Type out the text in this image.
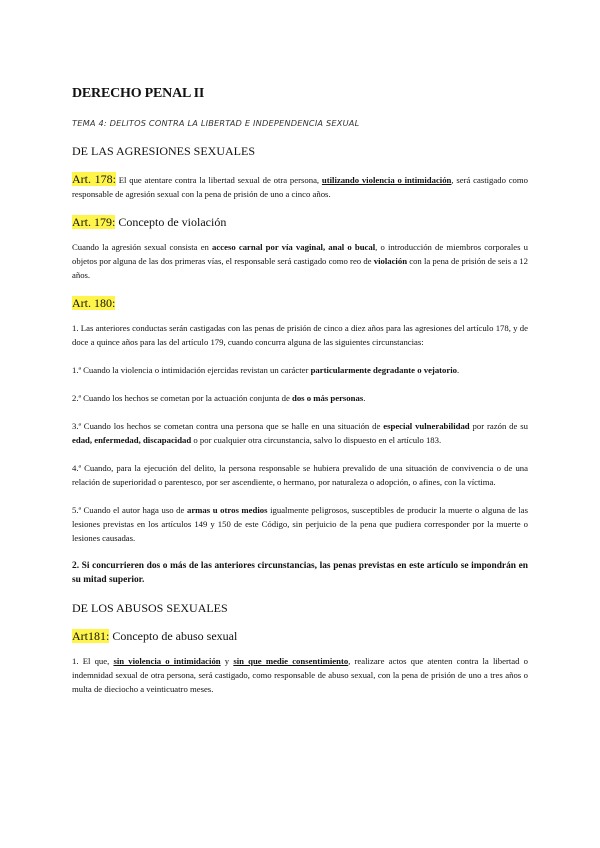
DERECHO PENAL II
TEMA 4: DELITOS CONTRA LA LIBERTAD E INDEPENDENCIA SEXUAL
DE LAS AGRESIONES SEXUALES

Art. 178: El que atentare contra la libertad sexual de otra persona, utilizando violencia o intimidación, será castigado como responsable de agresión sexual con la pena de prisión de uno a cinco años.

Art. 179: Concepto de violación

Cuando la agresión sexual consista en acceso carnal por vía vaginal, anal o bucal, o introducción de miembros corporales u objetos por alguna de las dos primeras vías, el responsable será castigado como reo de violación con la pena de prisión de seis a 12 años.

Art. 180:

1. Las anteriores conductas serán castigadas con las penas de prisión de cinco a diez años para las agresiones del artículo 178, y de doce a quince años para las del artículo 179, cuando concurra alguna de las siguientes circunstancias:

1.ª Cuando la violencia o intimidación ejercidas revistan un carácter particularmente degradante o vejatorio.

2.ª Cuando los hechos se cometan por la actuación conjunta de dos o más personas.

3.ª Cuando los hechos se cometan contra una persona que se halle en una situación de especial vulnerabilidad por razón de su edad, enfermedad, discapacidad o por cualquier otra circunstancia, salvo lo dispuesto en el artículo 183.

4.ª Cuando, para la ejecución del delito, la persona responsable se hubiera prevalido de una situación de convivencia o de una relación de superioridad o parentesco, por ser ascendiente, o hermano, por naturaleza o adopción, o afines, con la víctima.

5.ª Cuando el autor haga uso de armas u otros medios igualmente peligrosos, susceptibles de producir la muerte o alguna de las lesiones previstas en los artículos 149 y 150 de este Código, sin perjuicio de la pena que pudiera corresponder por la muerte o lesiones causadas.

2. Si concurrieren dos o más de las anteriores circunstancias, las penas previstas en este artículo se impondrán en su mitad superior.

DE LOS ABUSOS SEXUALES
Art181: Concepto de abuso sexual

1. El que, sin violencia o intimidación y sin que medie consentimiento, realizare actos que atenten contra la libertad o indemnidad sexual de otra persona, será castigado, como responsable de abuso sexual, con la pena de prisión de uno a tres años o multa de dieciocho a veinticuatro meses.
